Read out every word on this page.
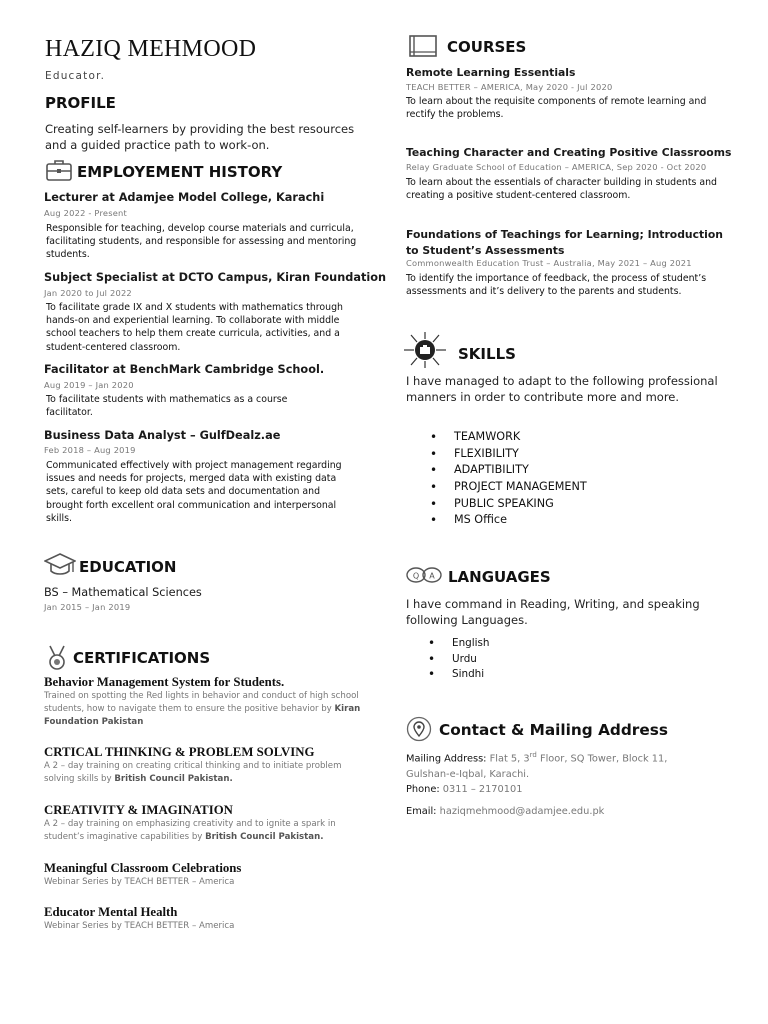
HAZIQ MEHMOOD
Educator.
PROFILE
Creating self-learners by providing the best resources and a guided practice path to work-on.
EMPLOYEMENT HISTORY
Lecturer at Adamjee Model College, Karachi
Aug 2022 - Present
Responsible for teaching, develop course materials and curricula, facilitating students, and responsible for assessing and mentoring students.
Subject Specialist at DCTO Campus, Kiran Foundation
Jan 2020 to Jul 2022
To facilitate grade IX and X students with mathematics through hands-on and experiential learning. To collaborate with middle school teachers to help them create curricula, activities, and a student-centered classroom.
Facilitator at BenchMark Cambridge School.
Aug 2019 – Jan 2020
To facilitate students with mathematics as a course facilitator.
Business Data Analyst – GulfDealz.ae
Feb 2018 – Aug 2019
Communicated effectively with project management regarding issues and needs for projects, merged data with existing data sets, careful to keep old data sets and documentation and brought forth excellent oral communication and interpersonal skills.
EDUCATION
BS – Mathematical Sciences
Jan 2015 – Jan 2019
CERTIFICATIONS
Behavior Management System for Students.
Trained on spotting the Red lights in behavior and conduct of high school students, how to navigate them to ensure the positive behavior by Kiran Foundation Pakistan
CRTICAL THINKING & PROBLEM SOLVING
A 2 – day training on creating critical thinking and to initiate problem solving skills by British Council Pakistan.
CREATIVITY & IMAGINATION
A 2 – day training on emphasizing creativity and to ignite a spark in student’s imaginative capabilities by British Council Pakistan.
Meaningful Classroom Celebrations
Webinar Series by TEACH BETTER – America
Educator Mental Health
Webinar Series by TEACH BETTER – America
COURSES
Remote Learning Essentials
TEACH BETTER – AMERICA, May 2020 - Jul 2020
To learn about the requisite components of remote learning and rectify the problems.
Teaching Character and Creating Positive Classrooms
Relay Graduate School of Education – AMERICA, Sep 2020 - Oct 2020
To learn about the essentials of character building in students and creating a positive student-centered classroom.
Foundations of Teachings for Learning; Introduction to Student’s Assessments
Commonwealth Education Trust – Australia, May 2021 – Aug 2021
To identify the importance of feedback, the process of student’s assessments and it’s delivery to the parents and students.
SKILLS
I have managed to adapt to the following professional manners in order to contribute more and more.
• TEAMWORK
• FLEXIBILITY
• ADAPTIBILITY
• PROJECT MANAGEMENT
• PUBLIC SPEAKING
• MS Office
Q A LANGUAGES
I have command in Reading, Writing, and speaking following Languages.
• English
• Urdu
• Sindhi
Contact & Mailing Address
Mailing Address: Flat 5, 3rd Floor, SQ Tower, Block 11,
Gulshan-e-Iqbal, Karachi.
Phone: 0311 – 2170101
Email: haziqmehmood@adamjee.edu.pk
